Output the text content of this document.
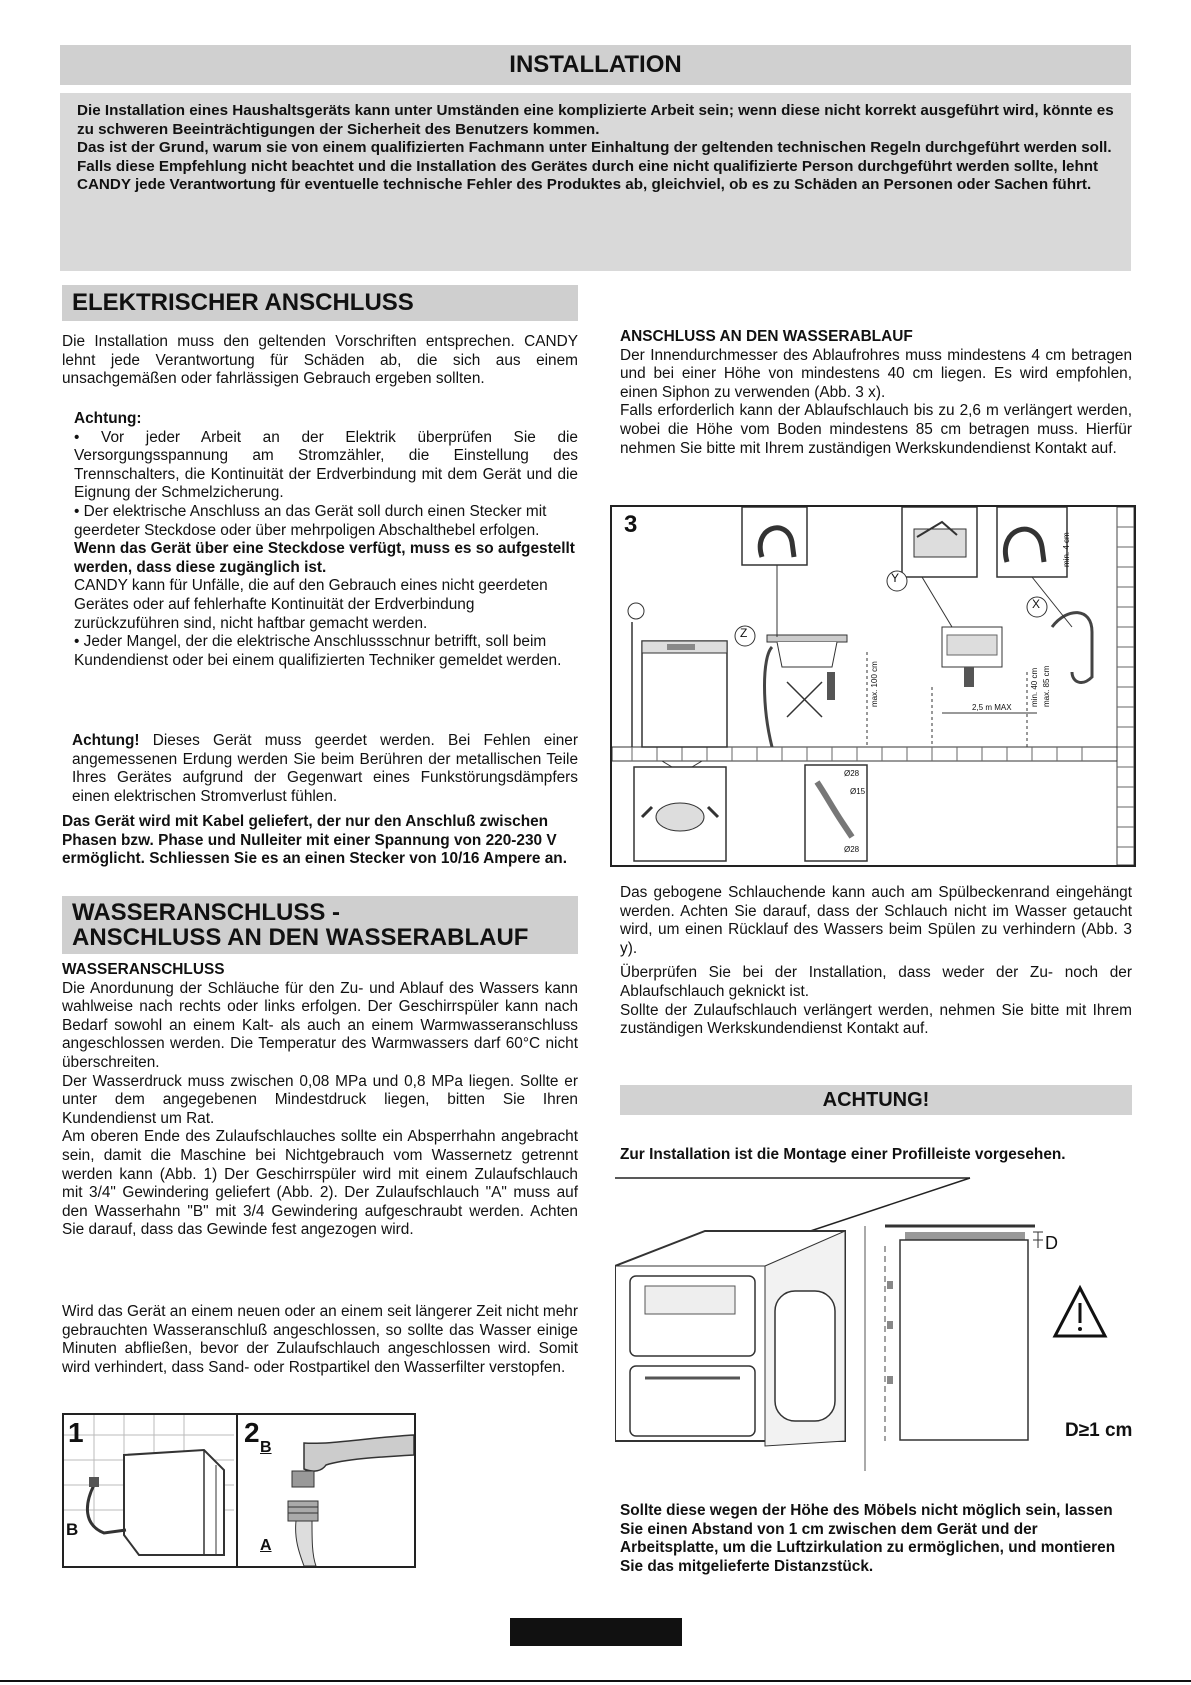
INSTALLATION

Die Installation eines Haushaltsgeräts kann unter Umständen eine komplizierte Arbeit sein; wenn diese nicht korrekt ausgeführt wird, könnte es zu schweren Beeinträchtigungen der Sicherheit des Benutzers kommen.

Das ist der Grund, warum sie von einem qualifizierten Fachmann unter Einhaltung der geltenden technischen Regeln durchgeführt werden soll.

Falls diese Empfehlung nicht beachtet und die Installation des Gerätes durch eine nicht qualifizierte Person durchgeführt werden sollte, lehnt CANDY jede Verantwortung für eventuelle technische Fehler des Produktes ab, gleichviel, ob es zu Schäden an Personen oder Sachen führt.

ELEKTRISCHER ANSCHLUSS

Die Installation muss den geltenden Vorschriften entsprechen. CANDY lehnt jede Verantwortung für Schäden ab, die sich aus einem unsachgemäßen oder fahrlässigen Gebrauch ergeben sollten.

Achtung:

• Vor jeder Arbeit an der Elektrik überprüfen Sie die Versorgungsspannung am Stromzähler, die Einstellung des Trennschalters, die Kontinuität der Erdverbindung mit dem Gerät und die Eignung der Schmelzicherung.

• Der elektrische Anschluss an das Gerät soll durch einen Stecker mit geerdeter Steckdose oder über mehrpoligen Abschalthebel erfolgen.

Wenn das Gerät über eine Steckdose verfügt, muss es so aufgestellt werden, dass diese zugänglich ist.

CANDY kann für Unfälle, die auf den Gebrauch eines nicht geerdeten Gerätes oder auf fehlerhafte Kontinuität der Erdverbindung zurückzuführen sind, nicht haftbar gemacht werden.

• Jeder Mangel, der die elektrische Anschlussschnur betrifft, soll beim Kundendienst oder bei einem qualifizierten Techniker gemeldet werden.

Achtung! Dieses Gerät muss geerdet werden. Bei Fehlen einer angemessenen Erdung werden Sie beim Berühren der metallischen Teile Ihres Gerätes aufgrund der Gegenwart eines Funkstörungsdämpfers einen elektrischen Stromverlust fühlen.

Das Gerät wird mit Kabel geliefert, der nur den Anschluß zwischen Phasen bzw. Phase und Nulleiter mit einer Spannung von 220-230 V ermöglicht. Schliessen Sie es an einen Stecker von 10/16 Ampere an.
WASSERANSCHLUSS -
ANSCHLUSS AN DEN WASSERABLAUF

WASSERANSCHLUSS

Die Anordunung der Schläuche für den Zu- und Ablauf des Wassers kann wahlweise nach rechts oder links erfolgen. Der Geschirrspüler kann nach Bedarf sowohl an einem Kalt- als auch an einem Warmwasseranschluss angeschlossen werden. Die Temperatur des Warmwassers darf 60°C nicht überschreiten.

Der Wasserdruck muss zwischen 0,08 MPa und 0,8 MPa liegen. Sollte er unter dem angegebenen Mindestdruck liegen, bitten Sie Ihren Kundendienst um Rat.

Am oberen Ende des Zulaufschlauches sollte ein Absperrhahn angebracht sein, damit die Maschine bei Nichtgebrauch vom Wassernetz getrennt werden kann (Abb. 1) Der Geschirrspüler wird mit einem Zulaufschlauch mit 3/4" Gewindering geliefert (Abb. 2). Der Zulaufschlauch "A" muss auf den Wasserhahn "B" mit 3/4 Gewindering aufgeschraubt werden. Achten Sie darauf, dass das Gewinde fest angezogen wird.

Wird das Gerät an einem neuen oder an einem seit längerer Zeit nicht mehr gebrauchten Wasseranschluß angeschlossen, so sollte das Wasser einige Minuten abfließen, bevor der Zulaufschlauch angeschlossen wird. Somit wird verhindert, dass Sand- oder Rostpartikel den Wasserfilter verstopfen.
1
B
2 B
A

ANSCHLUSS AN DEN WASSERABLAUF

Der Innendurchmesser des Ablaufrohres muss mindestens 4 cm betragen und bei einer Höhe von mindestens 40 cm liegen. Es wird empfohlen, einen Siphon zu verwenden (Abb. 3 x).

Falls erforderlich kann der Ablaufschlauch bis zu 2,6 m verlängert werden, wobei die Höhe vom Boden mindestens 85 cm betragen muss. Hierfür nehmen Sie bitte mit Ihrem zuständigen Werkskundendienst Kontakt auf.

3
Y
X
Z
min. 4 cm
max. 100 cm	min. 40 cm max. 85 cm
2,5 m MAX
Ø28
Ø15
Ø28

Das gebogene Schlauchende kann auch am Spülbeckenrand eingehängt werden. Achten Sie darauf, dass der Schlauch nicht im Wasser getaucht wird, um einen Rücklauf des Wassers beim Spülen zu verhindern (Abb. 3 y).

Überprüfen Sie bei der Installation, dass weder der Zu- noch der Ablaufschlauch geknickt ist.

Sollte der Zulaufschlauch verlängert werden, nehmen Sie bitte mit Ihrem zuständigen Werkskundendienst Kontakt auf.

ACHTUNG!
Zur Installation ist die Montage einer Profilleiste vorgesehen.
D
D≥1 cm
Sollte diese wegen der Höhe des Möbels nicht möglich sein, lassen Sie einen Abstand von 1 cm zwischen dem Gerät und der Arbeitsplatte, um die Luftzirkulation zu ermöglichen, und montieren Sie das mitgelieferte Distanzstück.
